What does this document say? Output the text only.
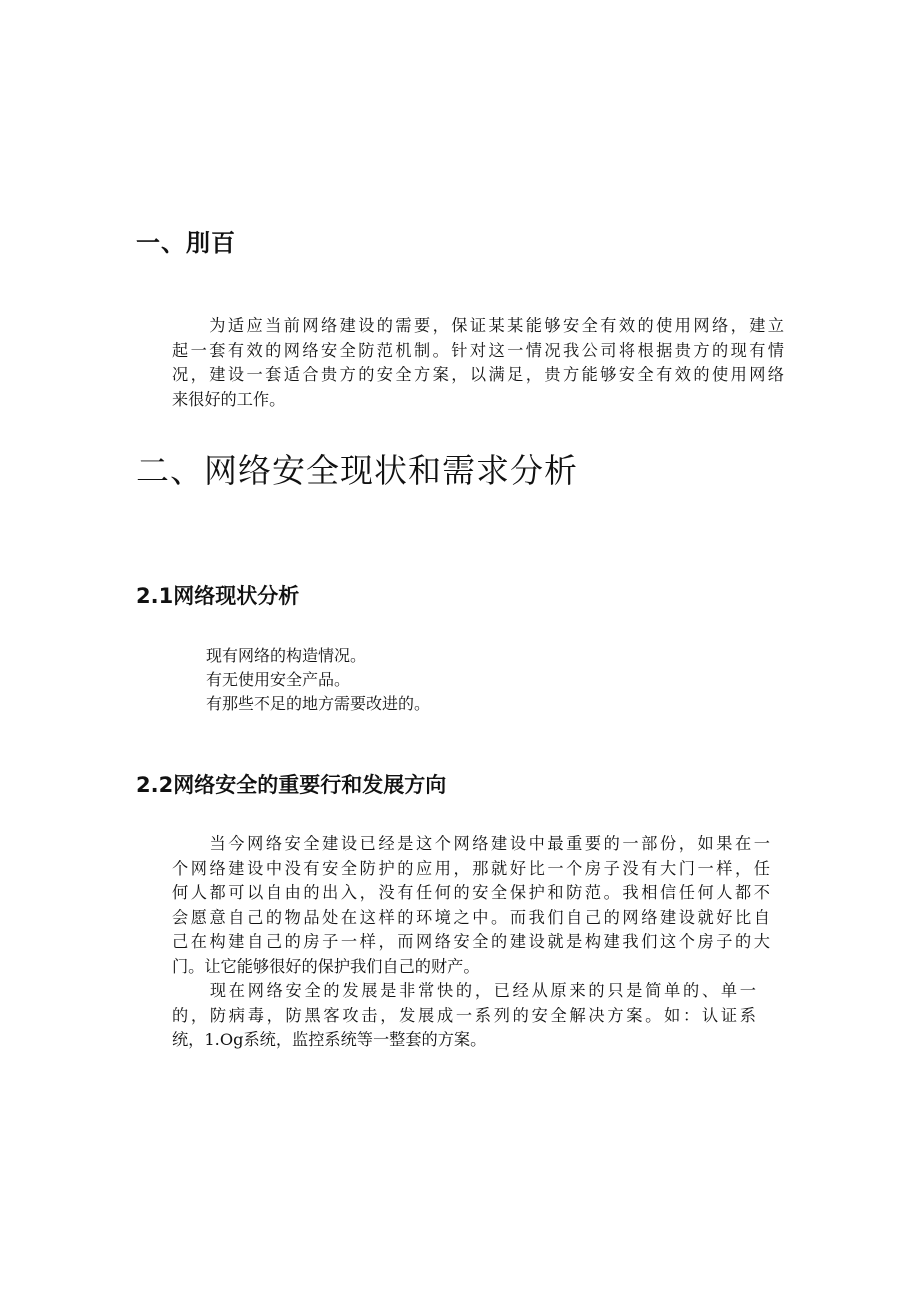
一、刖百
　　为适应当前网络建设的需要，保证某某能够安全有效的使用网络，建立
起一套有效的网络安全防范机制。针对这一情况我公司将根据贵方的现有情
况，建设一套适合贵方的安全方案，以满足，贵方能够安全有效的使用网络
来很好的工作。
二、网络安全现状和需求分析
2.1网络现状分析
现有网络的构造情况。
有无使用安全产品。
有那些不足的地方需要改进的。
2.2网络安全的重要行和发展方向
　　当今网络安全建设已经是这个网络建设中最重要的一部份，如果在一
个网络建设中没有安全防护的应用，那就好比一个房子没有大门一样，任
何人都可以自由的出入，没有任何的安全保护和防范。我相信任何人都不
会愿意自己的物品处在这样的环境之中。而我们自己的网络建设就好比自
己在构建自己的房子一样，而网络安全的建设就是构建我们这个房子的大
门。让它能够很好的保护我们自己的财产。
　　现在网络安全的发展是非常快的，已经从原来的只是简单的、单一
的，防病毒，防黑客攻击，发展成一系列的安全解决方案。如：认证系
统，1.Og系统，监控系统等一整套的方案。
